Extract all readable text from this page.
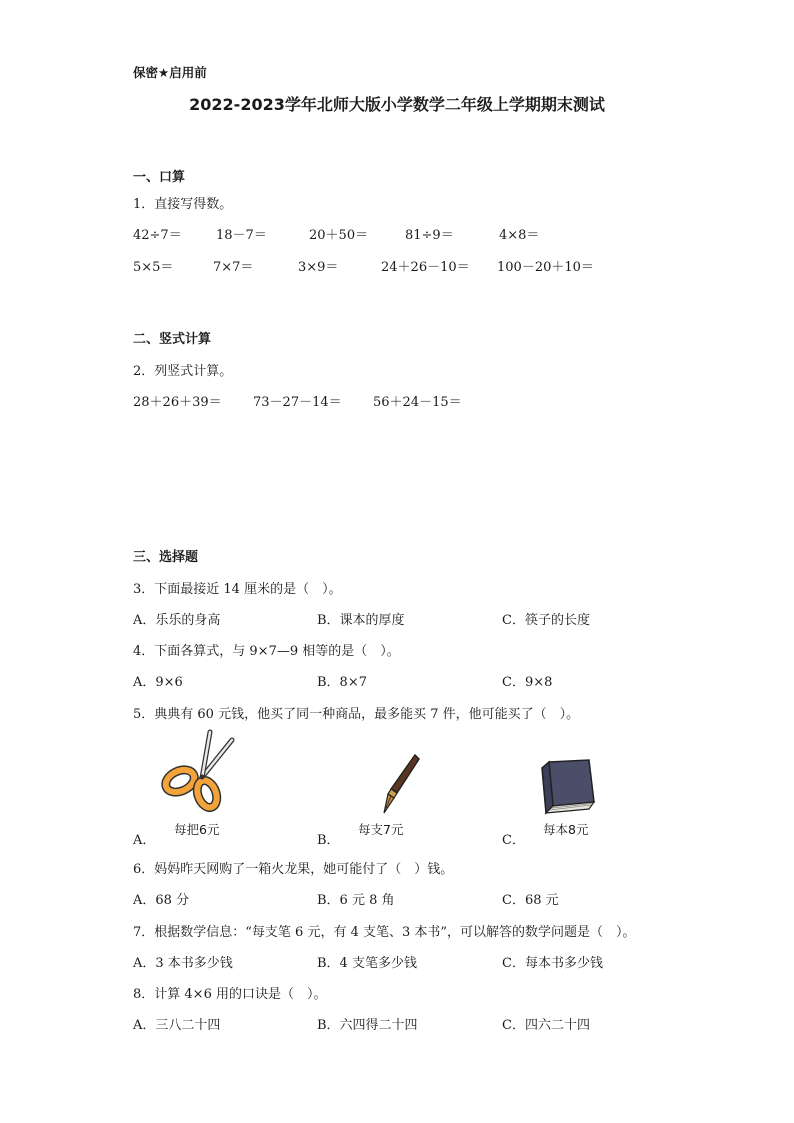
保密★启用前
2022-2023学年北师大版小学数学二年级上学期期末测试
一、口算
1．直接写得数。
42÷7＝	18－7＝	20＋50＝	81÷9＝	4×8＝
5×5＝	7×7＝	3×9＝	24＋26－10＝ 100－20＋10＝
二、竖式计算
2．列竖式计算。
28＋26＋39＝ 73－27－14＝ 56＋24－15＝
三、选择题
3．下面最接近 14 厘米的是（　）。
A．乐乐的身高	B．课本的厚度	C．筷子的长度
4．下面各算式，与 9×7—9 相等的是（　）。
A．9×6	B．8×7	C．9×8
5．典典有 60 元钱，他买了同一种商品，最多能买 7 件，他可能买了（　）。
A．
每把6元
B．
每支7元
C．
每本8元
6．妈妈昨天网购了一箱火龙果，她可能付了（　）钱。
A．68 分	B．6 元 8 角	C．68 元
7．根据数学信息：“每支笔 6 元，有 4 支笔、3 本书”，可以解答的数学问题是（　）。
A．3 本书多少钱	B．4 支笔多少钱	C．每本书多少钱
8．计算 4×6 用的口诀是（　）。
A．三八二十四	B．六四得二十四	C．四六二十四
